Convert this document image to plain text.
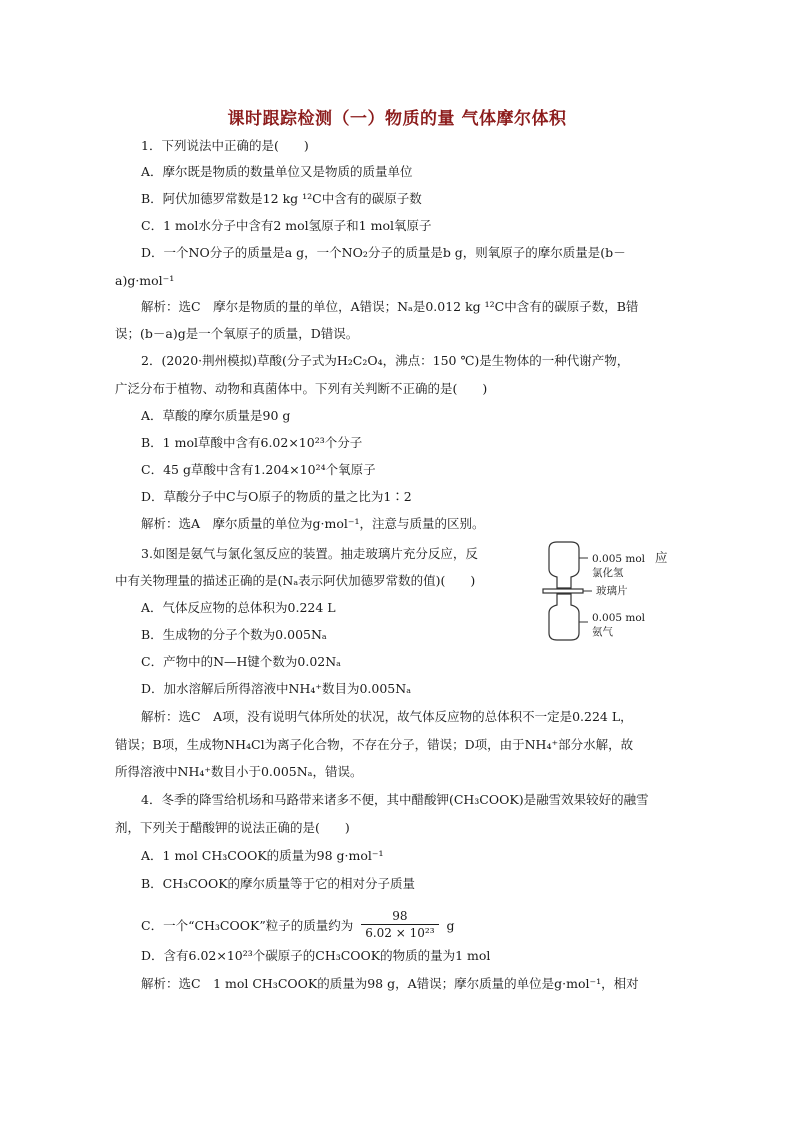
课时跟踪检测（一）物质的量 气体摩尔体积
1．下列说法中正确的是(　　)
A．摩尔既是物质的数量单位又是物质的质量单位
B．阿伏加德罗常数是12 kg ¹²C中含有的碳原子数
C．1 mol水分子中含有2 mol氢原子和1 mol氧原子
D．一个NO分子的质量是a g，一个NO₂分子的质量是b g，则氧原子的摩尔质量是(b－
a)g·mol⁻¹
解析：选C　摩尔是物质的量的单位，A错误；Nₐ是0.012 kg ¹²C中含有的碳原子数，B错
误；(b－a)g是一个氧原子的质量，D错误。
2．(2020·荆州模拟)草酸(分子式为H₂C₂O₄，沸点：150 ℃)是生物体的一种代谢产物，
广泛分布于植物、动物和真菌体中。下列有关判断不正确的是(　　)
A．草酸的摩尔质量是90 g
B．1 mol草酸中含有6.02×10²³个分子
C．45 g草酸中含有1.204×10²⁴个氧原子
D．草酸分子中C与O原子的物质的量之比为1∶2
解析：选A　摩尔质量的单位为g·mol⁻¹，注意与质量的区别。
3.如图是氨气与氯化氢反应的装置。抽走玻璃片充分反应，反
中有关物理量的描述正确的是(Nₐ表示阿伏加德罗常数的值)(　　)
A．气体反应物的总体积为0.224 L
B．生成物的分子个数为0.005Nₐ
C．产物中的N—H键个数为0.02Nₐ
D．加水溶解后所得溶液中NH₄⁺数目为0.005Nₐ
解析：选C　A项，没有说明气体所处的状况，故气体反应物的总体积不一定是0.224 L，
错误；B项，生成物NH₄Cl为离子化合物，不存在分子，错误；D项，由于NH₄⁺部分水解，故
所得溶液中NH₄⁺数目小于0.005Nₐ，错误。
4．冬季的降雪给机场和马路带来诸多不便，其中醋酸钾(CH₃COOK)是融雪效果较好的融雪
剂，下列关于醋酸钾的说法正确的是(　　)
A．1 mol CH₃COOK的质量为98 g·mol⁻¹
B．CH₃COOK的摩尔质量等于它的相对分子质量
C．一个“CH₃COOK”粒子的质量约为 $\frac{98}{\text{6.02 × 10²³}}$ g
D．含有6.02×10²³个碳原子的CH₃COOK的物质的量为1 mol
解析：选C　1 mol CH₃COOK的质量为98 g，A错误；摩尔质量的单位是g·mol⁻¹，相对
0.005 mol
氯化氢
玻璃片
0.005 mol
氨气
应
